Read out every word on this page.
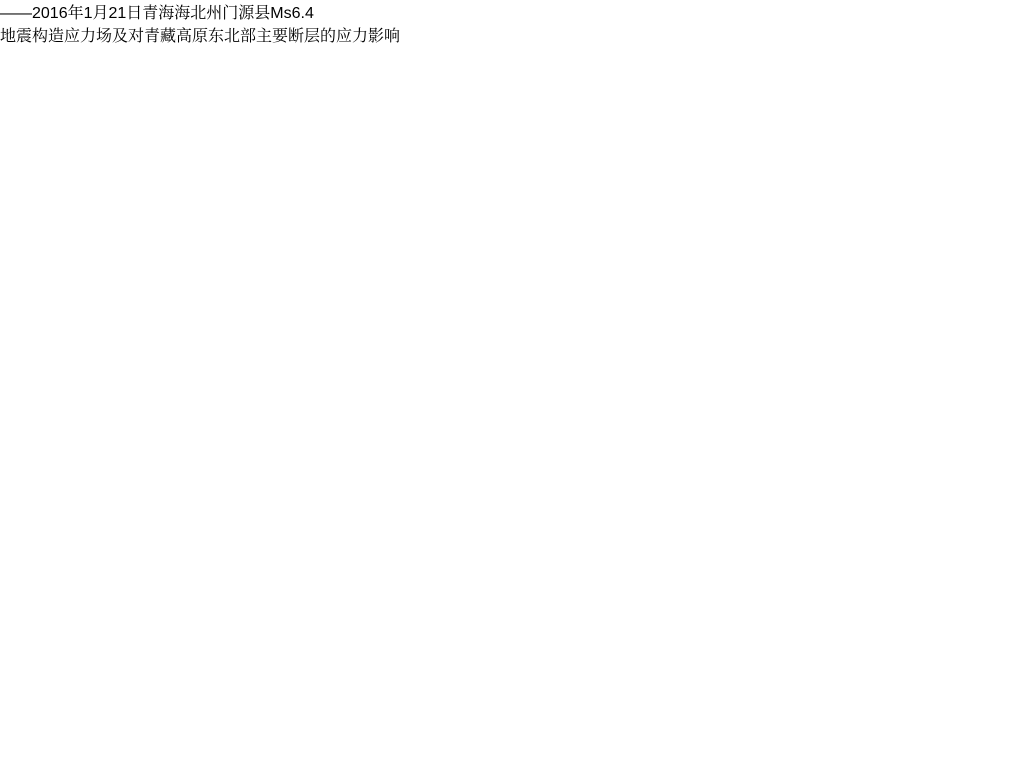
——2016年1月21日青海海北州门源县Ms6.4
地震构造应力场及对青藏高原东北部主要断层的应力影响
